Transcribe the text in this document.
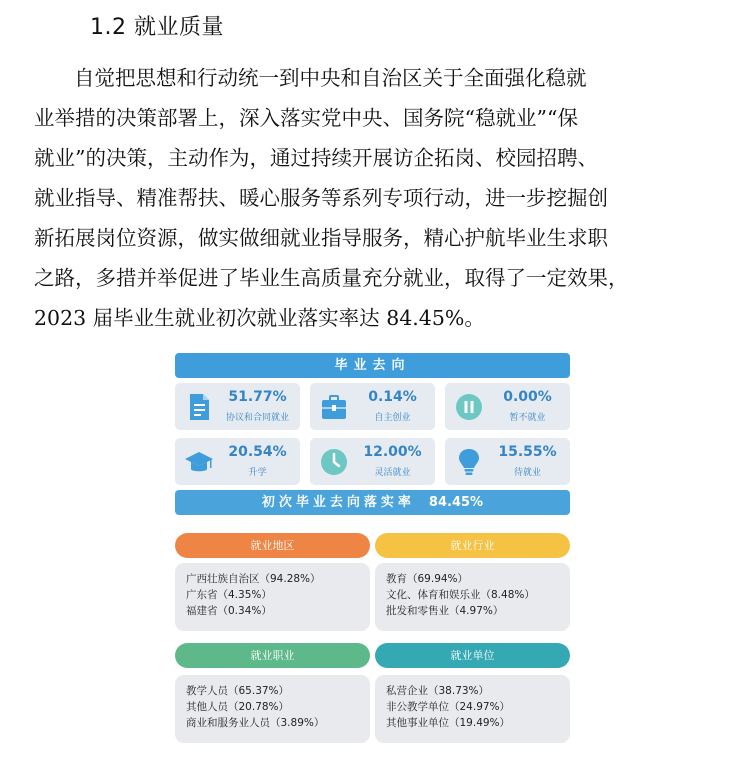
1.2 就业质量
自觉把思想和行动统一到中央和自治区关于全面强化稳就
业举措的决策部署上，深入落实党中央、国务院“稳就业”“保
就业”的决策，主动作为，通过持续开展访企拓岗、校园招聘、
就业指导、精准帮扶、暖心服务等系列专项行动，进一步挖掘创
新拓展岗位资源，做实做细就业指导服务，精心护航毕业生求职
之路，多措并举促进了毕业生高质量充分就业，取得了一定效果，
2023 届毕业生就业初次就业落实率达 84.45%。
毕业去向
51.77%
协议和合同就业
0.14%
自主创业
0.00%
暂不就业
20.54%
升学
12.00%
灵活就业
15.55%
待就业
初次毕业去向落实率 84.45%
就业地区
广西壮族自治区（94.28%）
广东省（4.35%）
福建省（0.34%）
就业行业
教育（69.94%）
文化、体育和娱乐业（8.48%）
批发和零售业（4.97%）
就业职业
教学人员（65.37%）
其他人员（20.78%）
商业和服务业人员（3.89%）
就业单位
私营企业（38.73%）
非公教学单位（24.97%）
其他事业单位（19.49%）
